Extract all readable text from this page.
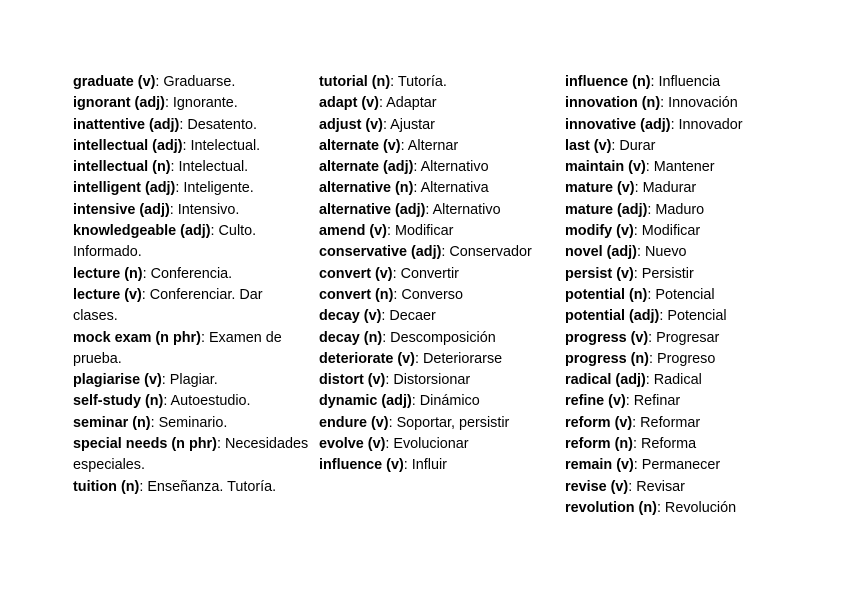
graduate (v): Graduarse.

ignorant (adj): Ignorante.

inattentive (adj): Desatento.

intellectual (adj): Intelectual.

intellectual (n): Intelectual.

intelligent (adj): Inteligente.

intensive (adj): Intensivo.

knowledgeable (adj): Culto. Informado.

lecture (n): Conferencia.

lecture (v): Conferenciar. Dar clases.

mock exam (n phr): Examen de prueba.

plagiarise (v): Plagiar.

self-study (n): Autoestudio.

seminar (n): Seminario.

special needs (n phr): Necesidades especiales.

tuition (n): Enseñanza. Tutoría.

tutorial (n): Tutoría.

adapt (v): Adaptar

adjust (v): Ajustar

alternate (v): Alternar

alternate (adj): Alternativo

alternative (n): Alternativa

alternative (adj): Alternativo

amend (v): Modificar

conservative (adj): Conservador

convert (v): Convertir

convert (n): Converso

decay (v): Decaer

decay (n): Descomposición

deteriorate (v): Deteriorarse

distort (v): Distorsionar

dynamic (adj): Dinámico

endure (v): Soportar, persistir

evolve (v): Evolucionar

influence (v): Influir

influence (n): Influencia

innovation (n): Innovación

innovative (adj): Innovador

last (v): Durar

maintain (v): Mantener

mature (v): Madurar

mature (adj): Maduro

modify (v): Modificar

novel (adj): Nuevo

persist (v): Persistir

potential (n): Potencial

potential (adj): Potencial

progress (v): Progresar

progress (n): Progreso

radical (adj): Radical

refine (v): Refinar

reform (v): Reformar

reform (n): Reforma

remain (v): Permanecer

revise (v): Revisar

revolution (n): Revolución
